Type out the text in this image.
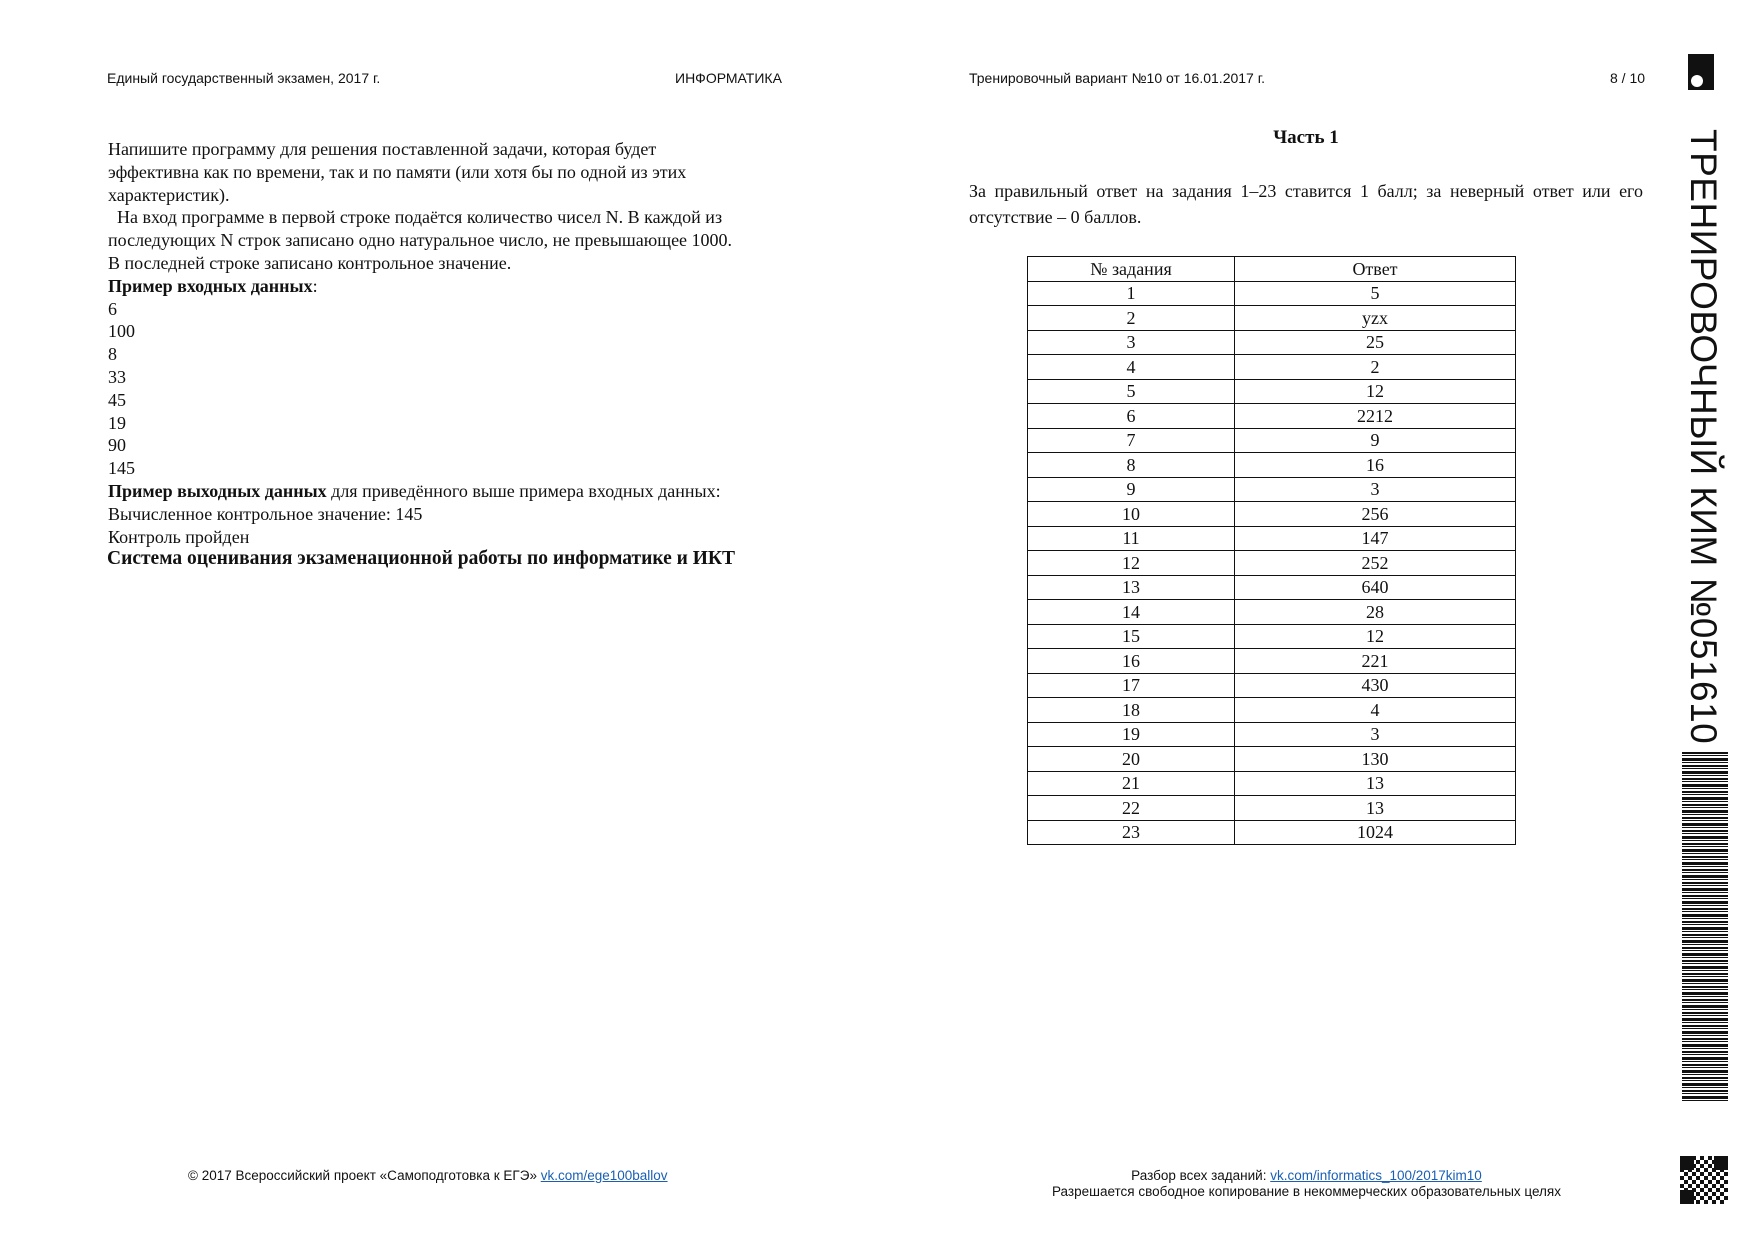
Единый государственный экзамен, 2017 г.	ИНФОРМАТИКА	Тренировочный вариант №10 от 16.01.2017 г.	8 / 10
Напишите программу для решения поставленной задачи, которая будет
эффективна как по времени, так и по памяти (или хотя бы по одной из этих
характеристик).
На вход программе в первой строке подаётся количество чисел N. В каждой из
последующих N строк записано одно натуральное число, не превышающее 1000.
В последней строке записано контрольное значение.
Пример входных данных:
6
100
8
33
45
19
90
145
Пример выходных данных для приведённого выше примера входных данных:
Вычисленное контрольное значение: 145
Контроль пройден
Система оценивания экзаменационной работы по информатике и ИКТ
Часть 1
За правильный ответ на задания 1–23 ставится 1 балл; за неверный ответ или его отсутствие – 0 баллов.
№ задания	Ответ
1	5
2	yzx
3	25
4	2
5	12
6	2212
7	9
8	16
9	3
10	256
11	147
12	252
13	640
14	28
15	12
16	221
17	430
18	4
19	3
20	130
21	13
22	13
23	1024
ТРЕНИРОВОЧНЫЙ КИМ №051610
© 2017 Всероссийский проект «Самоподготовка к ЕГЭ» vk.com/ege100ballov	Разбор всех заданий: vk.com/informatics_100/2017kim10
Разрешается свободное копирование в некоммерческих образовательных целях
